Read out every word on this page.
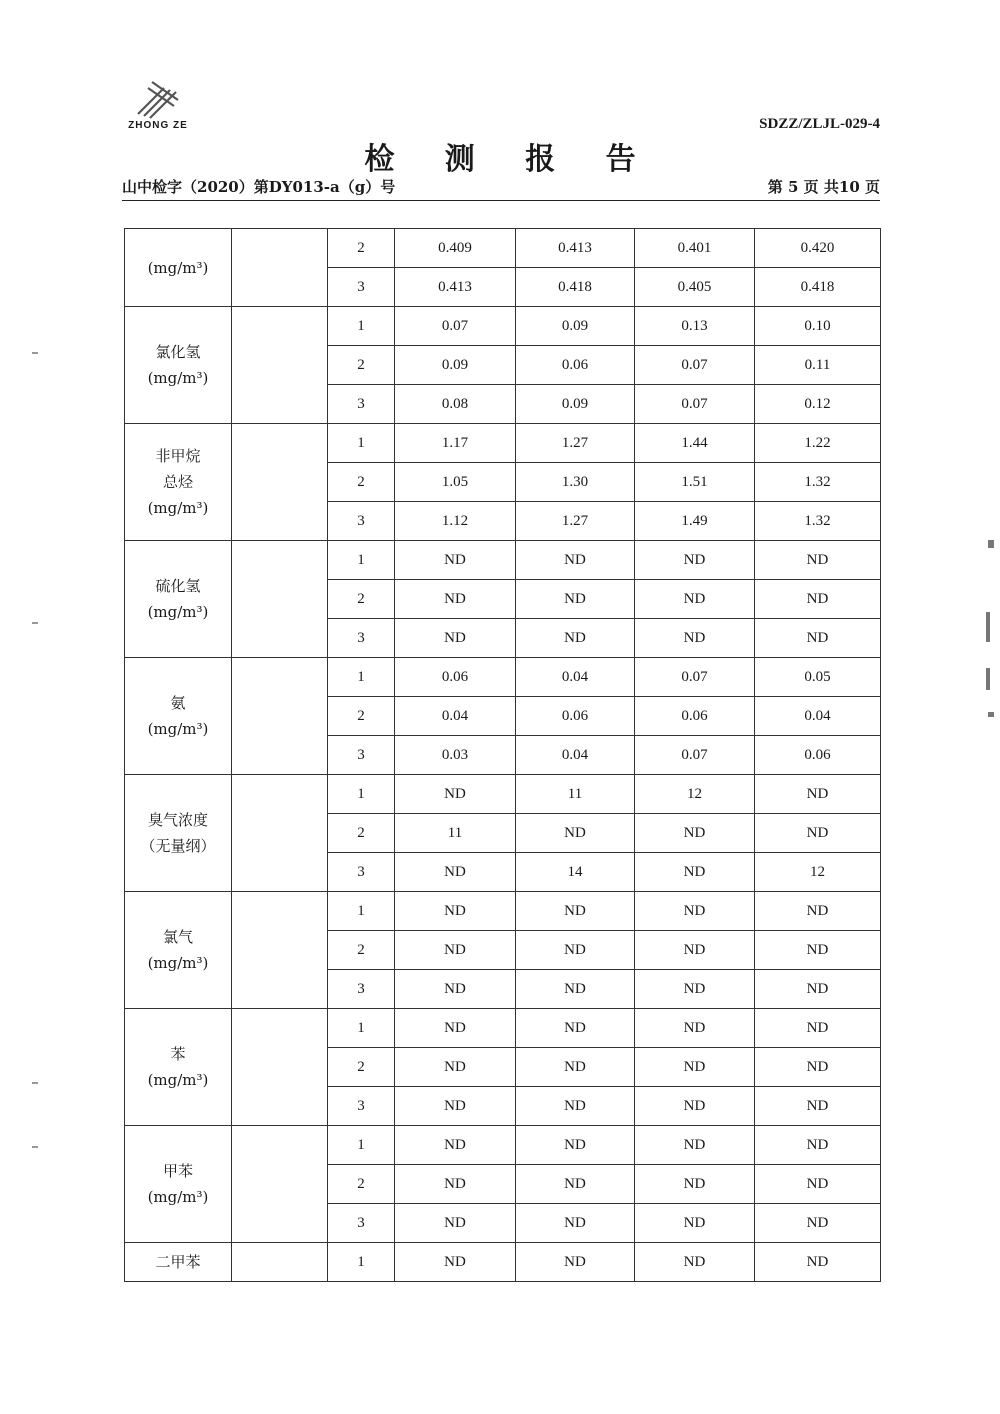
ZHONG ZE	SDZZ/ZLJL-029-4
检 测 报 告
山中检字（2020）第DY013-a（g）号	第 5 页 共10 页
(mg/m³)		2	0.409	0.413	0.401	0.420
		3	0.413	0.418	0.405	0.418

氯化氢
(mg/m³)		1	0.07	0.09	0.13	0.10
		2	0.09	0.06	0.07	0.11
		3	0.08	0.09	0.07	0.12

非甲烷
总烃
(mg/m³)		1	1.17	1.27	1.44	1.22
		2	1.05	1.30	1.51	1.32
		3	1.12	1.27	1.49	1.32

硫化氢
(mg/m³)		1	ND	ND	ND	ND
		2	ND	ND	ND	ND
		3	ND	ND	ND	ND

氨
(mg/m³)		1	0.06	0.04	0.07	0.05
		2	0.04	0.06	0.06	0.04
		3	0.03	0.04	0.07	0.06

臭气浓度
（无量纲）		1	ND	11	12	ND
		2	11	ND	ND	ND
		3	ND	14	ND	12

氯气
(mg/m³)		1	ND	ND	ND	ND
		2	ND	ND	ND	ND
		3	ND	ND	ND	ND

苯
(mg/m³)		1	ND	ND	ND	ND
		2	ND	ND	ND	ND
		3	ND	ND	ND	ND

甲苯
(mg/m³)		1	ND	ND	ND	ND
		2	ND	ND	ND	ND
		3	ND	ND	ND	ND

二甲苯		1	ND	ND	ND	ND
